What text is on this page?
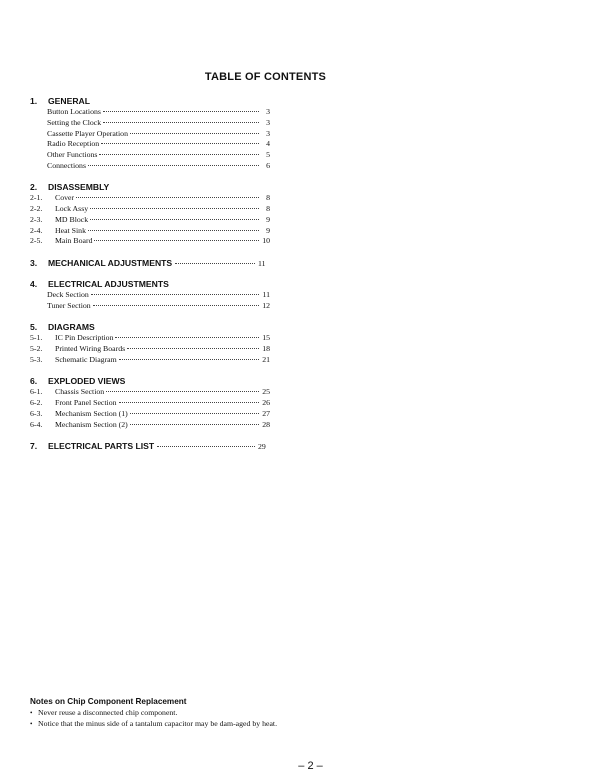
TABLE OF CONTENTS
1.	GENERAL
Button Locations	3
Setting the Clock	3
Cassette Player Operation	3
Radio Reception	4
Other Functions	5
Connections	6
2.	DISASSEMBLY
2-1.	Cover	8
2-2.	Lock Assy	8
2-3.	MD Block	9
2-4.	Heat Sink	9
2-5.	Main Board	10
3.	MECHANICAL ADJUSTMENTS	11
4.	ELECTRICAL ADJUSTMENTS
Deck Section	11
Tuner Section	12
5.	DIAGRAMS
5-1.	IC Pin Description	15
5-2.	Printed Wiring Boards	18
5-3.	Schematic Diagram	21
6.	EXPLODED VIEWS
6-1.	Chassis Section	25
6-2.	Front Panel Section	26
6-3.	Mechanism Section (1)	27
6-4.	Mechanism Section (2)	28
7.	ELECTRICAL PARTS LIST	29
Notes on Chip Component Replacement
• Never reuse a disconnected chip component.
• Notice that the minus side of a tantalum capacitor may be dam-aged by heat.
– 2 –
